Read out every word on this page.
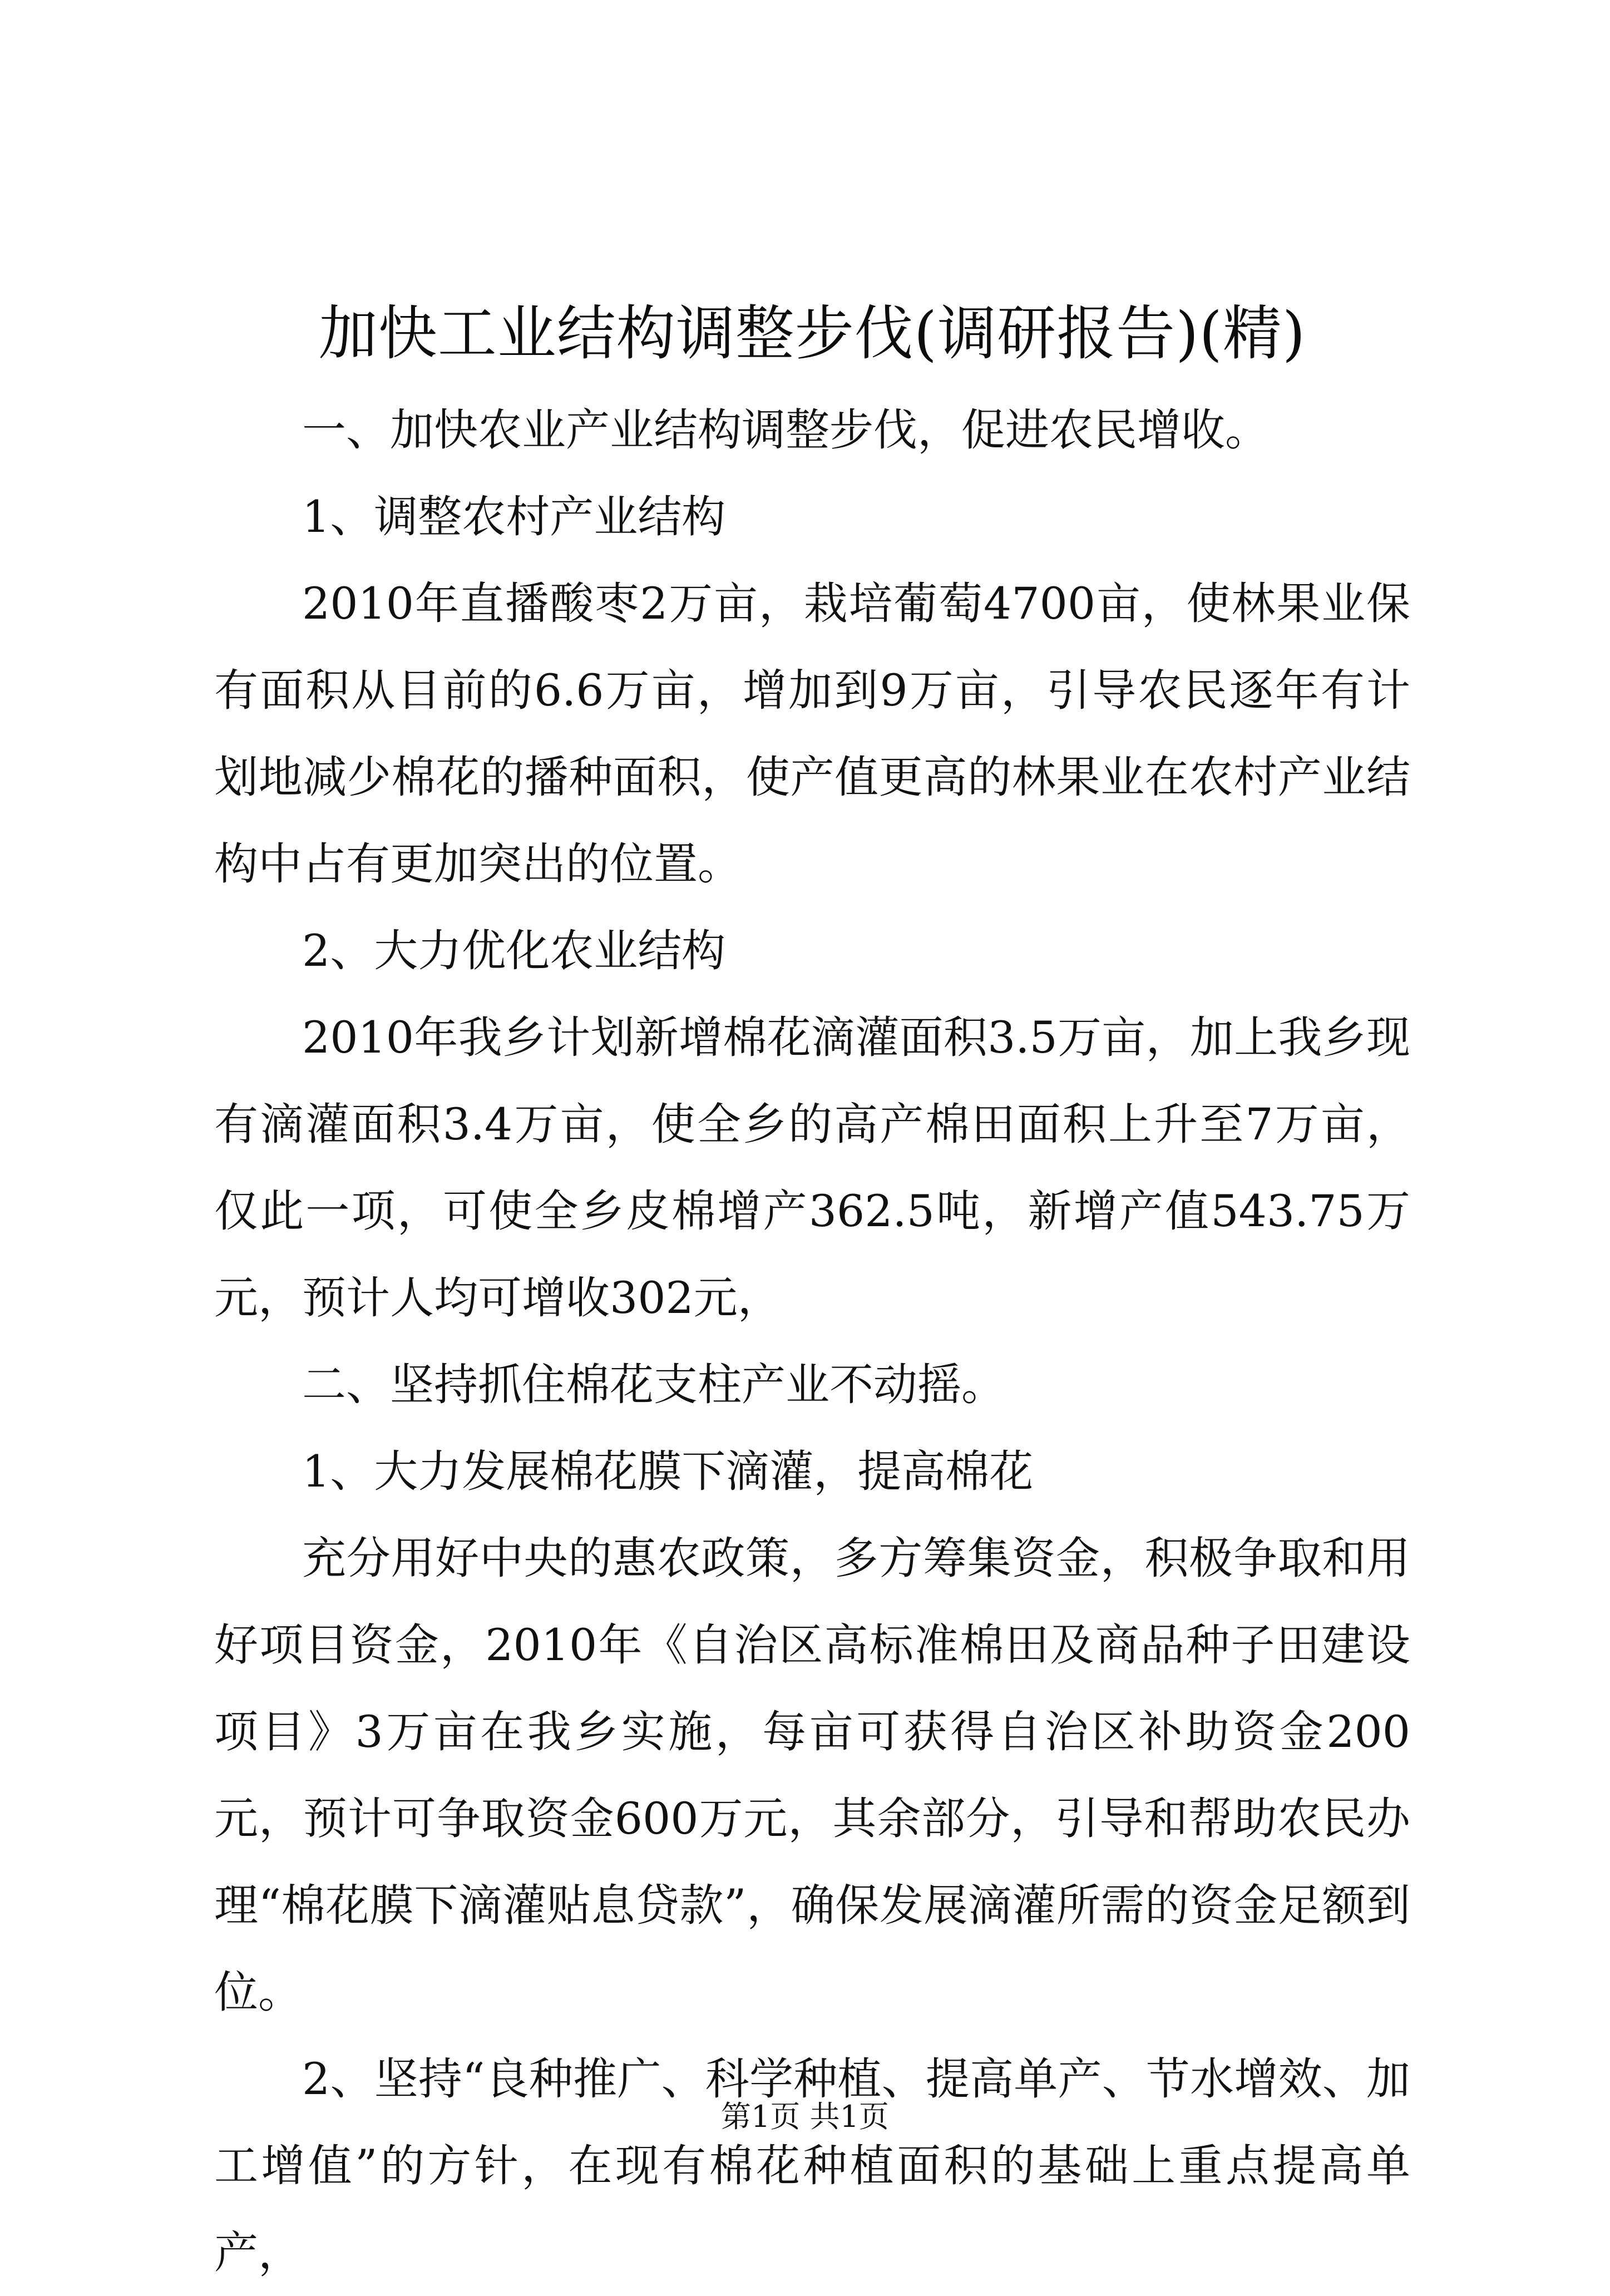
加快工业结构调整步伐(调研报告)(精)

一、加快农业产业结构调整步伐，促进农民增收。

1、调整农村产业结构

2010年直播酸枣2万亩，栽培葡萄4700亩，使林果业保有面积从目前的6.6万亩，增加到9万亩，引导农民逐年有计划地减少棉花的播种面积，使产值更高的林果业在农村产业结构中占有更加突出的位置。

2、大力优化农业结构

2010年我乡计划新增棉花滴灌面积3.5万亩，加上我乡现有滴灌面积3.4万亩，使全乡的高产棉田面积上升至7万亩，仅此一项，可使全乡皮棉增产362.5吨，新增产值543.75万元，预计人均可增收302元，

二、坚持抓住棉花支柱产业不动摇。

1、大力发展棉花膜下滴灌，提高棉花

充分用好中央的惠农政策，多方筹集资金，积极争取和用好项目资金，2010年《自治区高标准棉田及商品种子田建设项目》3万亩在我乡实施，每亩可获得自治区补助资金200元，预计可争取资金600万元，其余部分，引导和帮助农民办理“棉花膜下滴灌贴息贷款”，确保发展滴灌所需的资金足额到位。

2、坚持“良种推广、科学种植、提高单产、节水增效、加工增值”的方针，在现有棉花种植面积的基础上重点提高单产，

第1页 共1页
